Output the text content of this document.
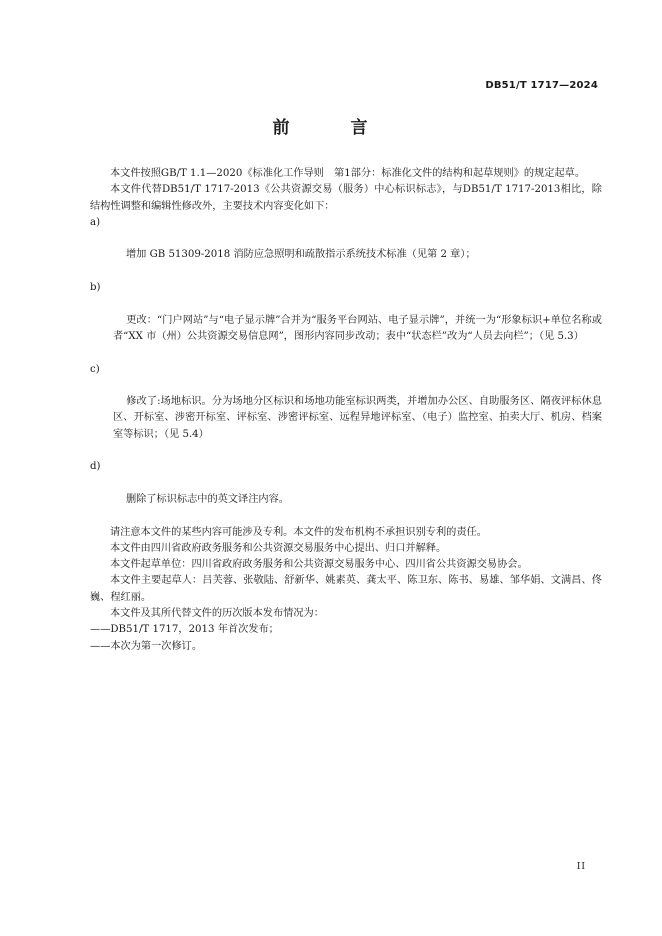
DB51/T 1717—2024
前　言

本文件按照GB/T 1.1—2020《标准化工作导则　第1部分：标准化文件的结构和起草规则》的规定起草。

本文件代替DB51/T 1717-2013《公共资源交易（服务）中心标识标志》，与DB51/T 1717-2013相比，除结构性调整和编辑性修改外，主要技术内容变化如下：

a)

增加 GB 51309-2018 消防应急照明和疏散指示系统技术标准（见第 2 章）；

b)

更改：“门户网站”与“电子显示牌”合并为“服务平台网站、电子显示牌”，并统一为“形象标识+单位名称或者“XX 市（州）公共资源交易信息网”，图形内容同步改动；表中“状态栏”改为“人员去向栏”；（见 5.3）

c)

修改了:场地标识。分为场地分区标识和场地功能室标识两类，并增加办公区、自助服务区、隔夜评标休息区、开标室、涉密开标室、评标室、涉密评标室、远程异地评标室、（电子）监控室、拍卖大厅、机房、档案室等标识；（见 5.4）

d)

删除了标识标志中的英文译注内容。

请注意本文件的某些内容可能涉及专利。本文件的发布机构不承担识别专利的责任。

本文件由四川省政府政务服务和公共资源交易服务中心提出、归口并解释。

本文件起草单位：四川省政府政务服务和公共资源交易服务中心、四川省公共资源交易协会。

本文件主要起草人：吕芙蓉、张敬陆、舒新华、姚素英、龚太平、陈卫东、陈书、易雄、邹华娟、文满昌、佟　巍、程红丽。

本文件及其所代替文件的历次版本发布情况为：

——DB51/T 1717，2013 年首次发布；

——本次为第一次修订。

II
